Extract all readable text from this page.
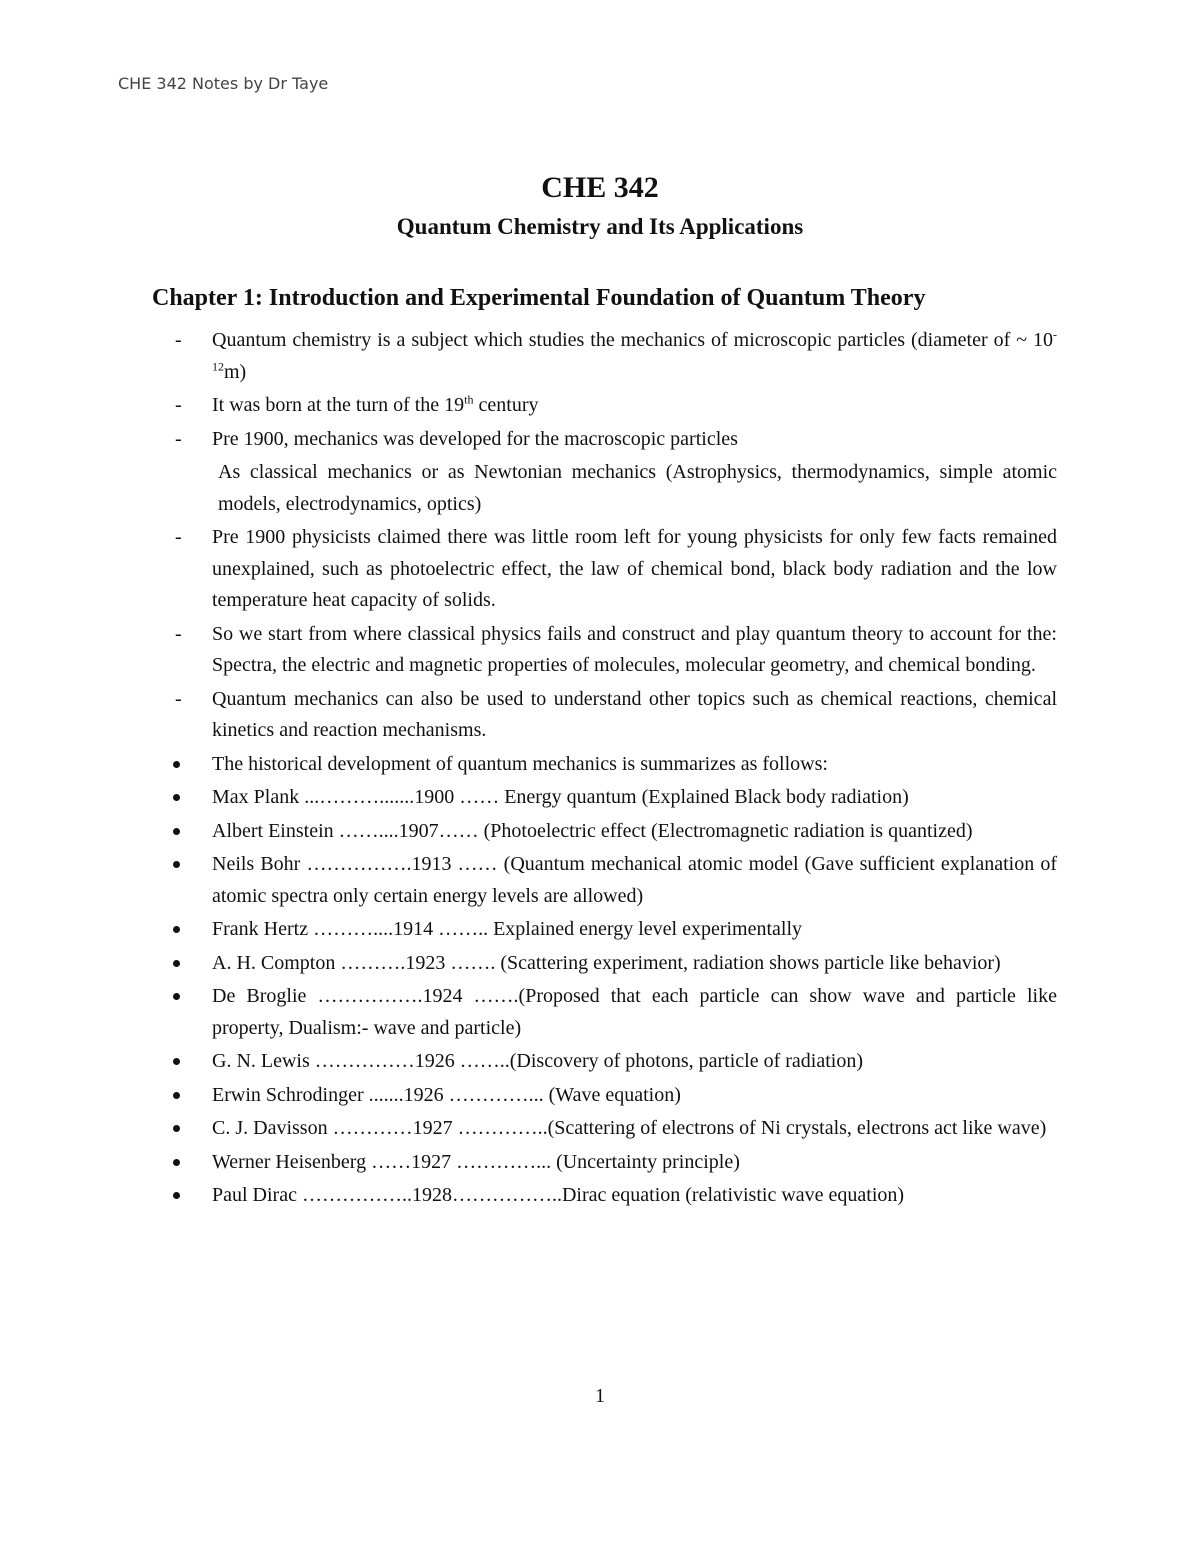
CHE 342 Notes by Dr Taye
CHE 342
Quantum Chemistry and Its Applications
Chapter 1: Introduction and Experimental Foundation of Quantum Theory
- Quantum chemistry is a subject which studies the mechanics of microscopic particles (diameter of ~ $10^{-12}m$)
- It was born at the turn of the 19th century
- Pre 1900, mechanics was developed for the macroscopic particles
As classical mechanics or as Newtonian mechanics (Astrophysics, thermodynamics, simple atomic models, electrodynamics, optics)
- Pre 1900 physicists claimed there was little room left for young physicists for only few facts remained unexplained, such as photoelectric effect, the law of chemical bond, black body radiation and the low temperature heat capacity of solids.
- So we start from where classical physics fails and construct and play quantum theory to account for the: Spectra, the electric and magnetic properties of molecules, molecular geometry, and chemical bonding.
- Quantum mechanics can also be used to understand other topics such as chemical reactions, chemical kinetics and reaction mechanisms.
The historical development of quantum mechanics is summarizes as follows:
Max Plank ...……….......1900 …… Energy quantum (Explained Black body radiation)
Albert Einstein ……....1907…… (Photoelectric effect (Electromagnetic radiation is quantized)
Neils Bohr …………….1913 …… (Quantum mechanical atomic model (Gave sufficient explanation of atomic spectra only certain energy levels are allowed)
Frank Hertz ………....1914 …….. Explained energy level experimentally
A. H. Compton ……….1923 ……. (Scattering experiment, radiation shows particle like behavior)
De Broglie …………….1924 …….(Proposed that each particle can show wave and particle like property, Dualism:- wave and particle)
G. N. Lewis ……………1926 ……..(Discovery of photons, particle of radiation)
Erwin Schrodinger .......1926 …………... (Wave equation)
C. J. Davisson …………1927 …………..(Scattering of electrons of Ni crystals, electrons act like wave)
Werner Heisenberg ……1927 …………... (Uncertainty principle)
Paul Dirac ……………..1928……………..Dirac equation (relativistic wave equation)
1
